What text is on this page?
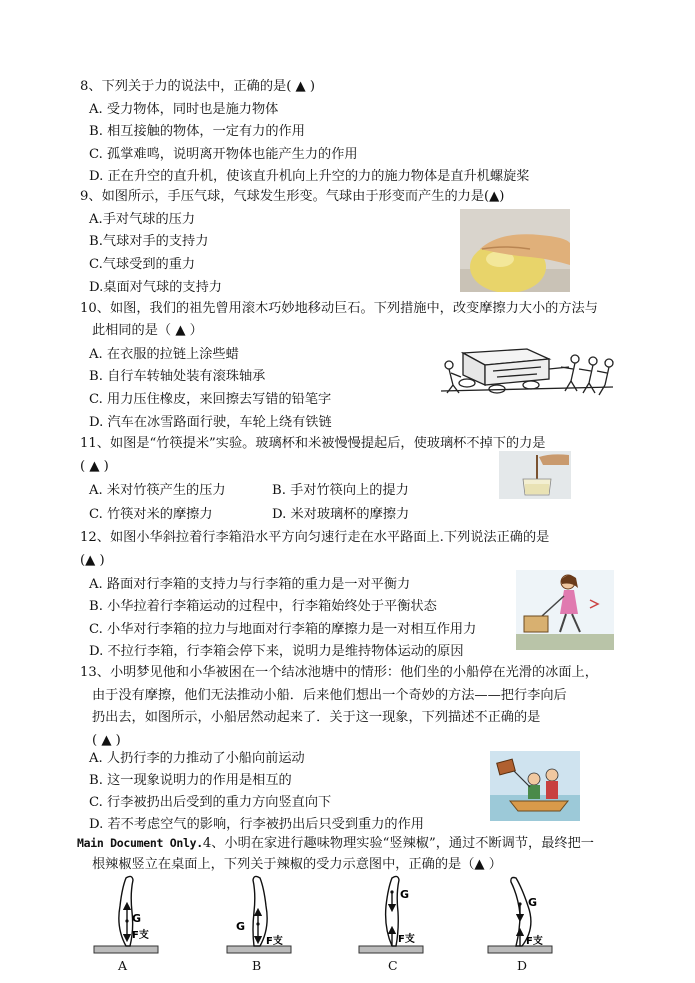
8、下列关于力的说法中，正确的是( ▲ )
A. 受力物体，同时也是施力物体
B. 相互接触的物体，一定有力的作用
C. 孤掌难鸣，说明离开物体也能产生力的作用
D. 正在升空的直升机，使该直升机向上升空的力的施力物体是直升机螺旋桨
9、如图所示，手压气球，气球发生形变。气球由于形变而产生的力是(▲)
A.手对气球的压力
B.气球对手的支持力
C.气球受到的重力
D.桌面对气球的支持力
10、如图，我们的祖先曾用滚木巧妙地移动巨石。下列措施中，改变摩擦力大小的方法与
此相同的是（ ▲ ）
A. 在衣服的拉链上涂些蜡
B. 自行车转轴处装有滚珠轴承
C. 用力压住橡皮，来回擦去写错的铅笔字
D. 汽车在冰雪路面行驶，车轮上绕有铁链
11、如图是“竹筷提米”实验。玻璃杯和米被慢慢提起后，使玻璃杯不掉下的力是
( ▲ )
A. 米对竹筷产生的压力	B. 手对竹筷向上的提力
C. 竹筷对米的摩擦力	D. 米对玻璃杯的摩擦力
12、如图小华斜拉着行李箱沿水平方向匀速行走在水平路面上.下列说法正确的是
(▲ )
A. 路面对行李箱的支持力与行李箱的重力是一对平衡力
B. 小华拉着行李箱运动的过程中，行李箱始终处于平衡状态
C. 小华对行李箱的拉力与地面对行李箱的摩擦力是一对相互作用力
D. 不拉行李箱，行李箱会停下来，说明力是维持物体运动的原因
13、小明梦见他和小华被困在一个结冰池塘中的情形：他们坐的小船停在光滑的冰面上，
由于没有摩擦，他们无法推动小船．后来他们想出一个奇妙的方法——把行李向后
扔出去，如图所示，小船居然动起来了．关于这一现象，下列描述不正确的是
( ▲ )
A. 人扔行李的力推动了小船向前运动
B. 这一现象说明力的作用是相互的
C. 行李被扔出后受到的重力方向竖直向下
D. 若不考虑空气的影响，行李被扔出后只受到重力的作用
Main Document Only.4、小明在家进行趣味物理实验“竖辣椒”，通过不断调节，最终把一
根辣椒竖立在桌面上，下列关于辣椒的受力示意图中，正确的是（▲ ）
G
F支
G
F支
G
F支
G
F支
A	B	C	D
